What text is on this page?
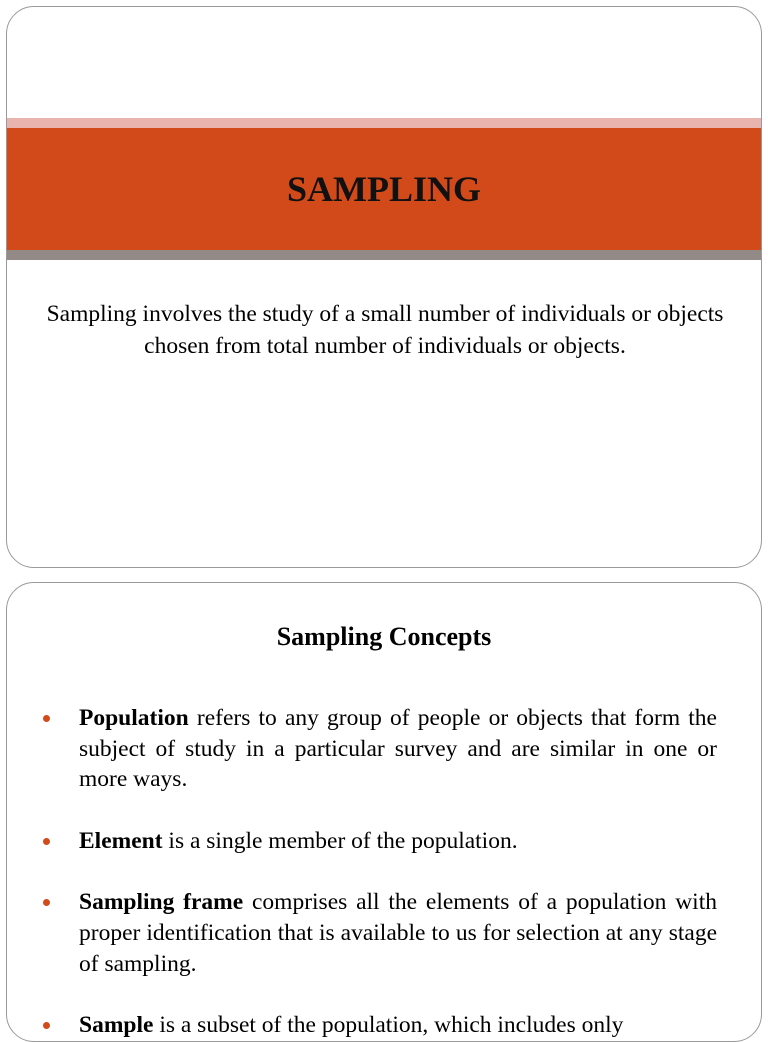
SAMPLING

Sampling involves the study of a small number of individuals or objects chosen from total number of individuals or objects.

Sampling Concepts
Population refers to any group of people or objects that form the subject of study in a particular survey and are similar in one or more ways.
Element is a single member of the population.
Sampling frame comprises all the elements of a population with proper identification that is available to us for selection at any stage of sampling.
Sample is a subset of the population, which includes only
